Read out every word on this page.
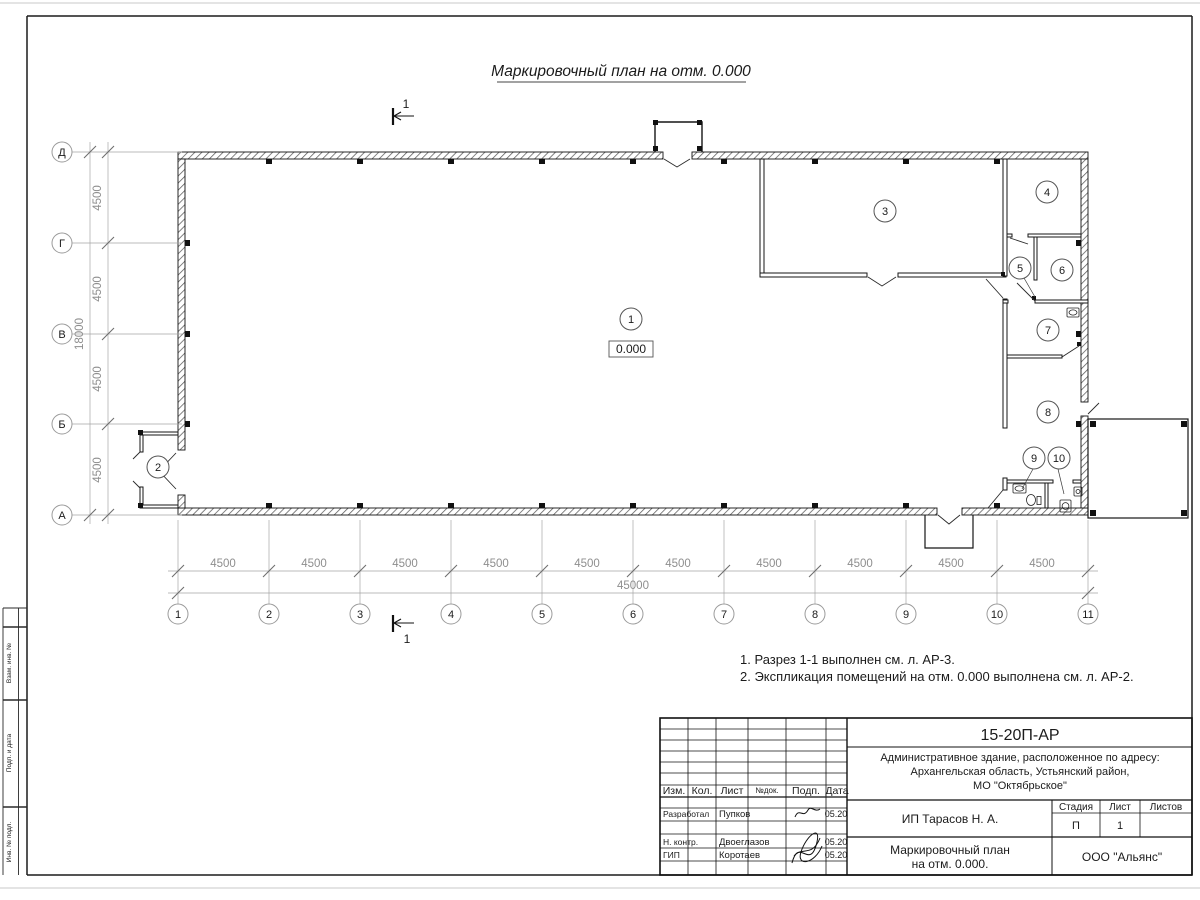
Взам. инв. №
Подп. и дата
Инв. № подл.
Маркировочный план на отм. 0.000
1
1
4500
4500
4500
4500
18000
Д
Г
В
Б
А
4500	4500	4500	4500	4500	4500	4500	4500	4500	4500
45000
1	2	3	4	5	6	7	8	9	10	11
1
2
3
4
5	6
7
8
9 10
0.000
1. Разрез 1-1 выполнен см. л. АР-3.
2. Экспликация помещений на отм. 0.000 выполнена см. л. АР-2.
Изм. Кол. Лист №док. Подп. Дата
Разработал Пупков	05.20
Н. контр. Двоеглазов	05.20
ГИП	Коротаев	05.20
15-20П-АР
Административное здание, расположенное по адресу:
Архангельская область, Устьянский район,
МО "Октябрьское"
Стадия Лист Листов
П	1
ИП Тарасов Н. А.
Маркировочный план
на отм. 0.000.	ООО "Альянс"
